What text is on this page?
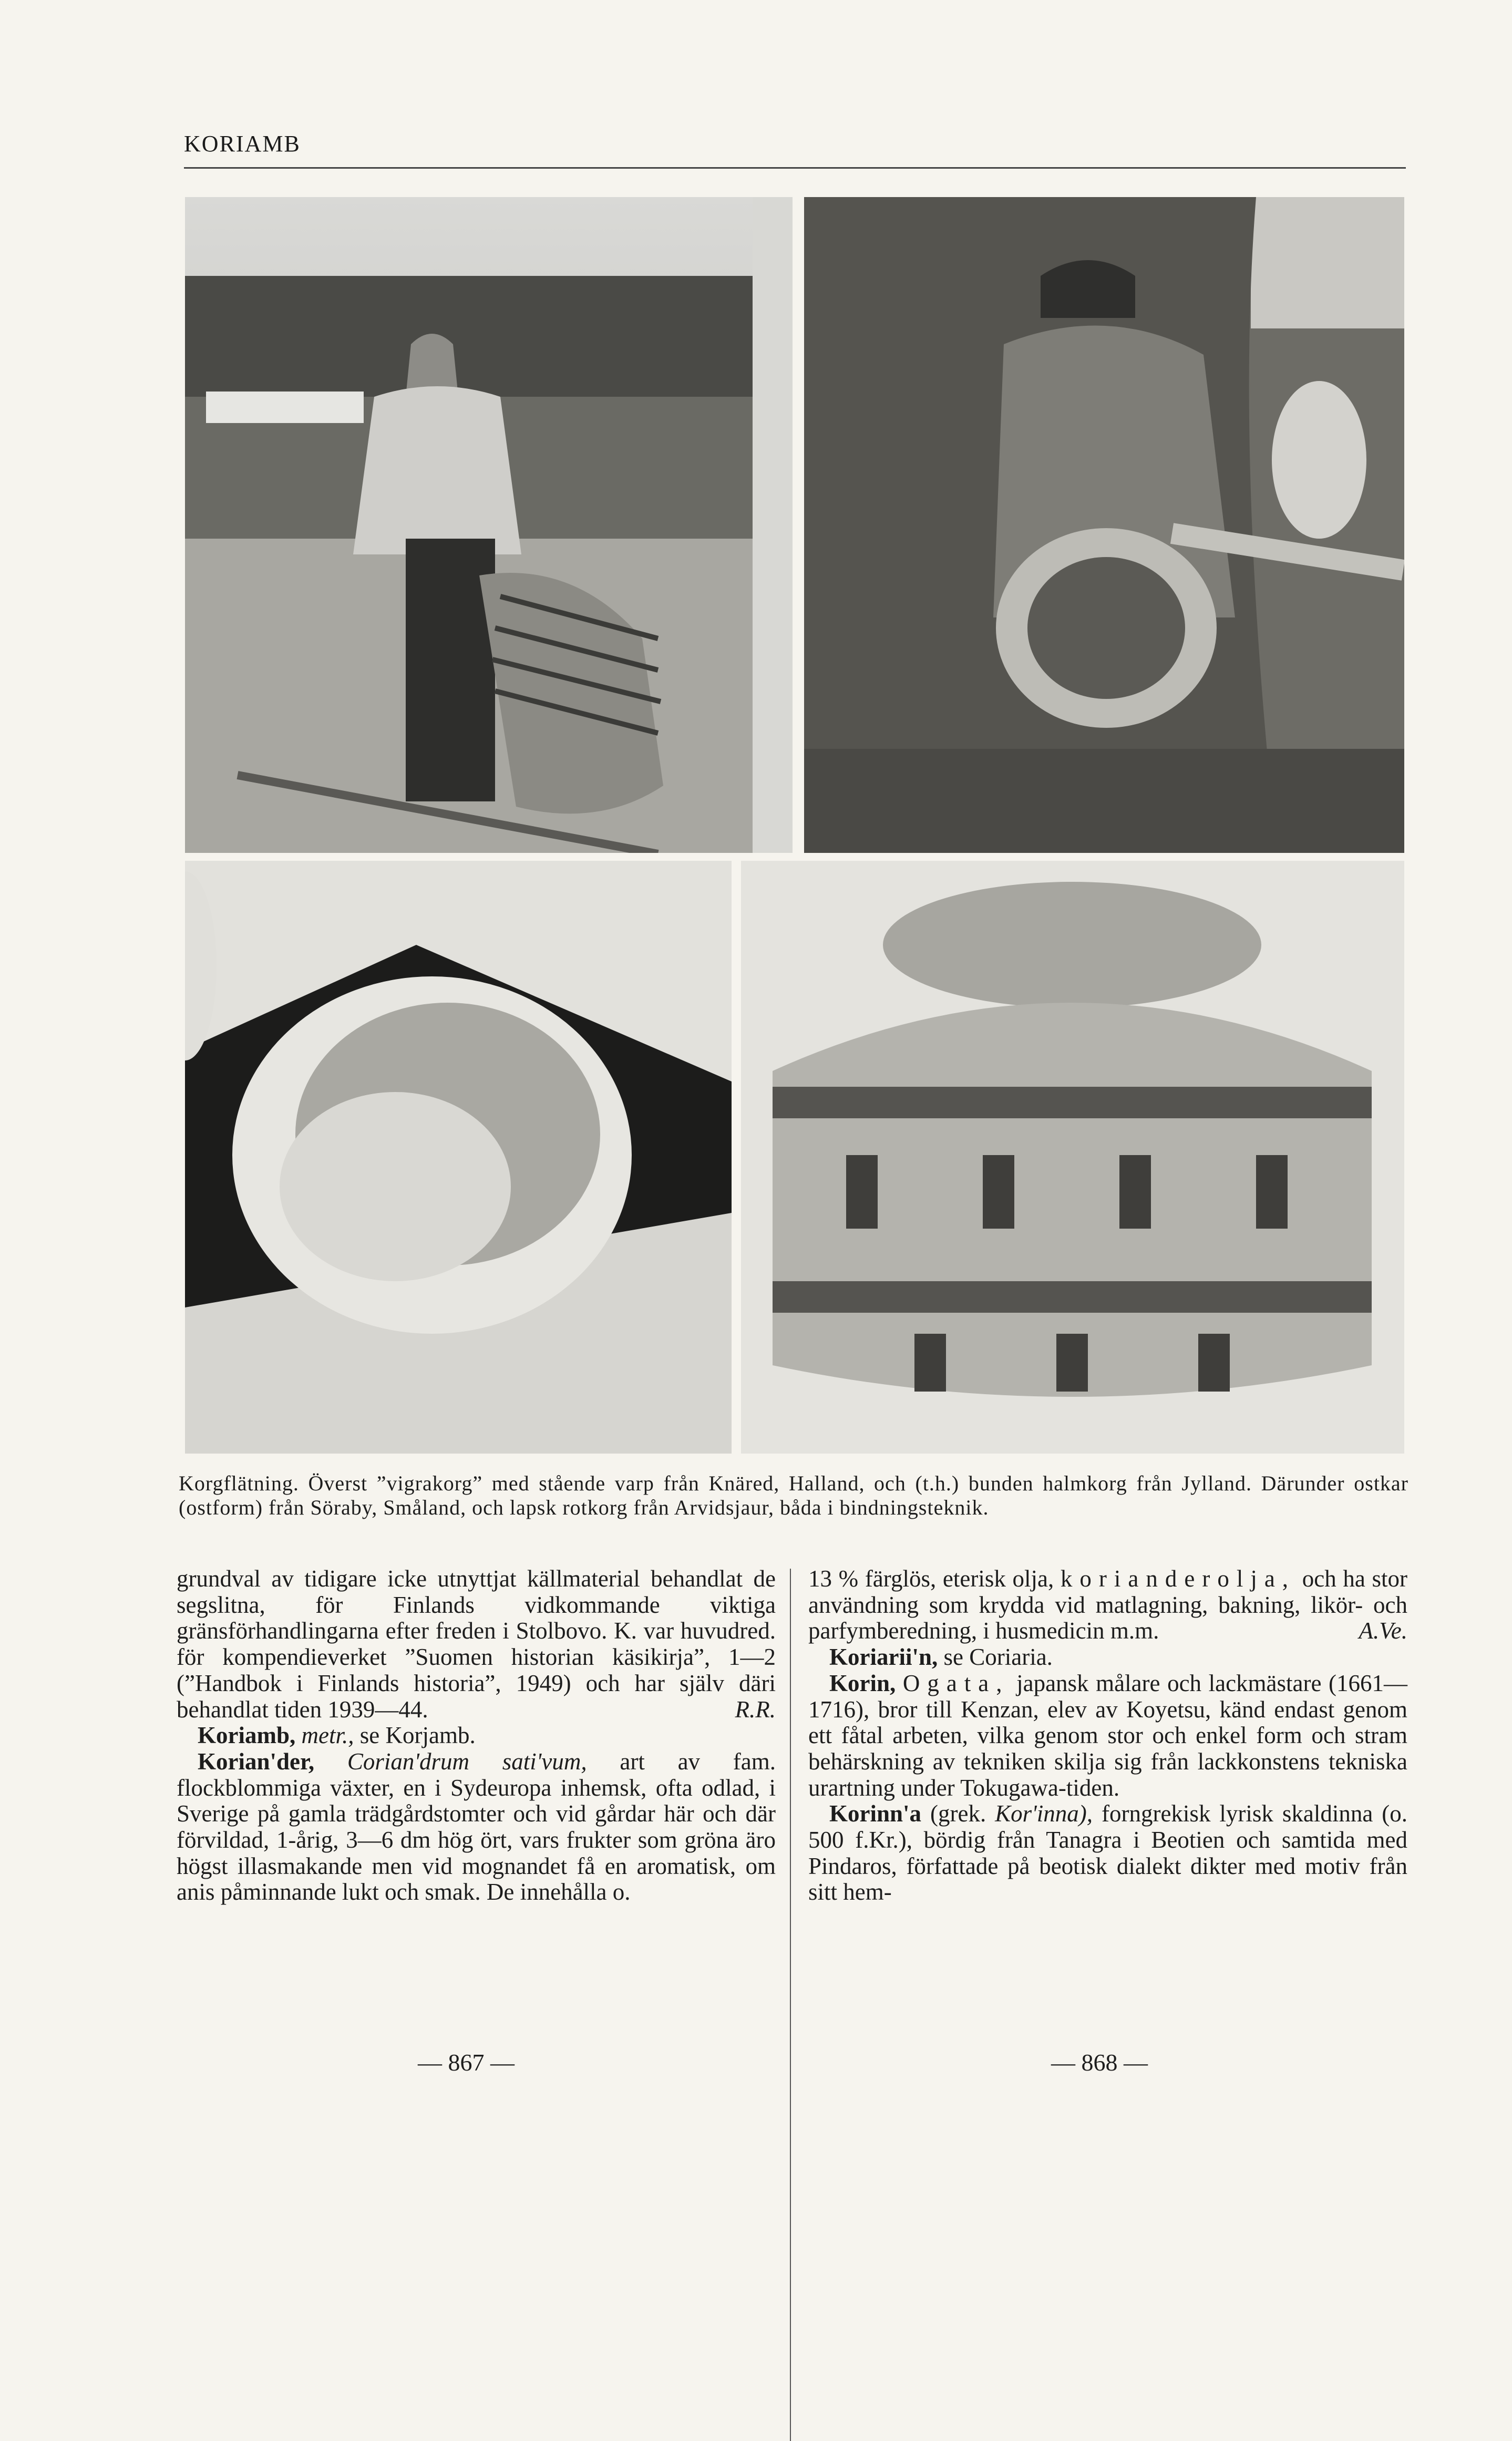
KORIAMB
Korgflätning. Överst ”vigrakorg” med stående varp från Knäred, Halland, och (t.h.) bunden halmkorg från Jylland. Därunder ostkar (ostform) från Söraby, Småland, och lapsk rotkorg från Arvidsjaur, båda i bindningsteknik.

grundval av tidigare icke utnyttjat källmaterial behandlat de segslitna, för Finlands vidkommande viktiga gränsförhandlingarna efter freden i Stolbovo. K. var huvudred. för kompendieverket ”Suomen historian käsikirja”, 1—2 (”Handbok i Finlands historia”, 1949) och har själv däri behandlat tiden 1939—44.	R.R.

Koriamb, metr., se Korjamb.

Korian'der, Corian'drum sati'vum, art av fam. flockblommiga växter, en i Sydeuropa inhemsk, ofta odlad, i Sverige på gamla trädgårdstomter och vid gårdar här och där förvildad, 1-årig, 3—6 dm hög ört, vars frukter som gröna äro högst illasmakande men vid mognandet få en aromatisk, om anis påminnande lukt och smak. De innehålla o.

13 % färglös, eterisk olja, korianderolja, och ha stor användning som krydda vid matlagning, bakning, likör- och parfymberedning, i husmedicin m.m.	A.Ve.

Koriarii'n, se Coriaria.

Korin, Ogata, japansk målare och lackmästare (1661—1716), bror till Kenzan, elev av Koyetsu, känd endast genom ett fåtal arbeten, vilka genom stor och enkel form och stram behärskning av tekniken skilja sig från lackkonstens tekniska urartning under Tokugawa-tiden.

Korinn'a (grek. Kor'inna), forngrekisk lyrisk skaldinna (o. 500 f.Kr.), bördig från Tanagra i Beotien och samtida med Pindaros, författade på beotisk dialekt dikter med motiv från sitt hem-

— 867 —	— 868 —
